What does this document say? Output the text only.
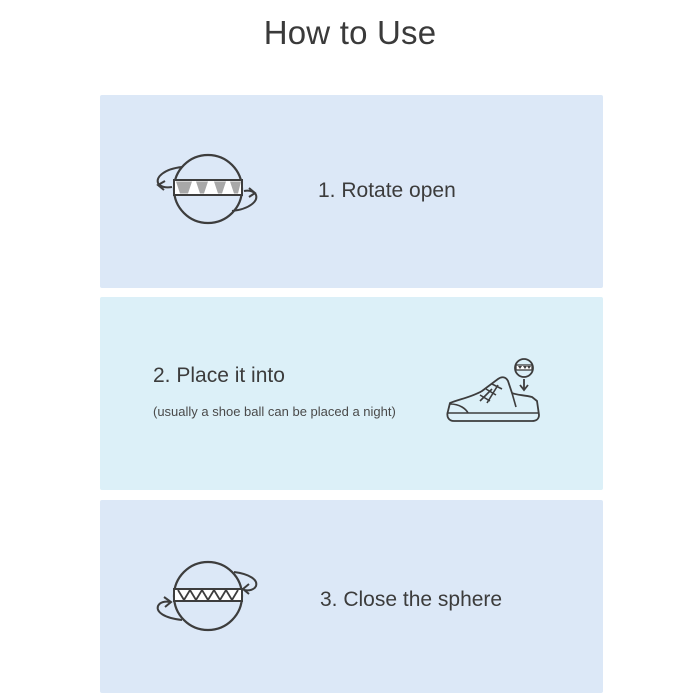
How to Use
1. Rotate open
2. Place it into
(usually a shoe ball can be placed a night)
3. Close the sphere
